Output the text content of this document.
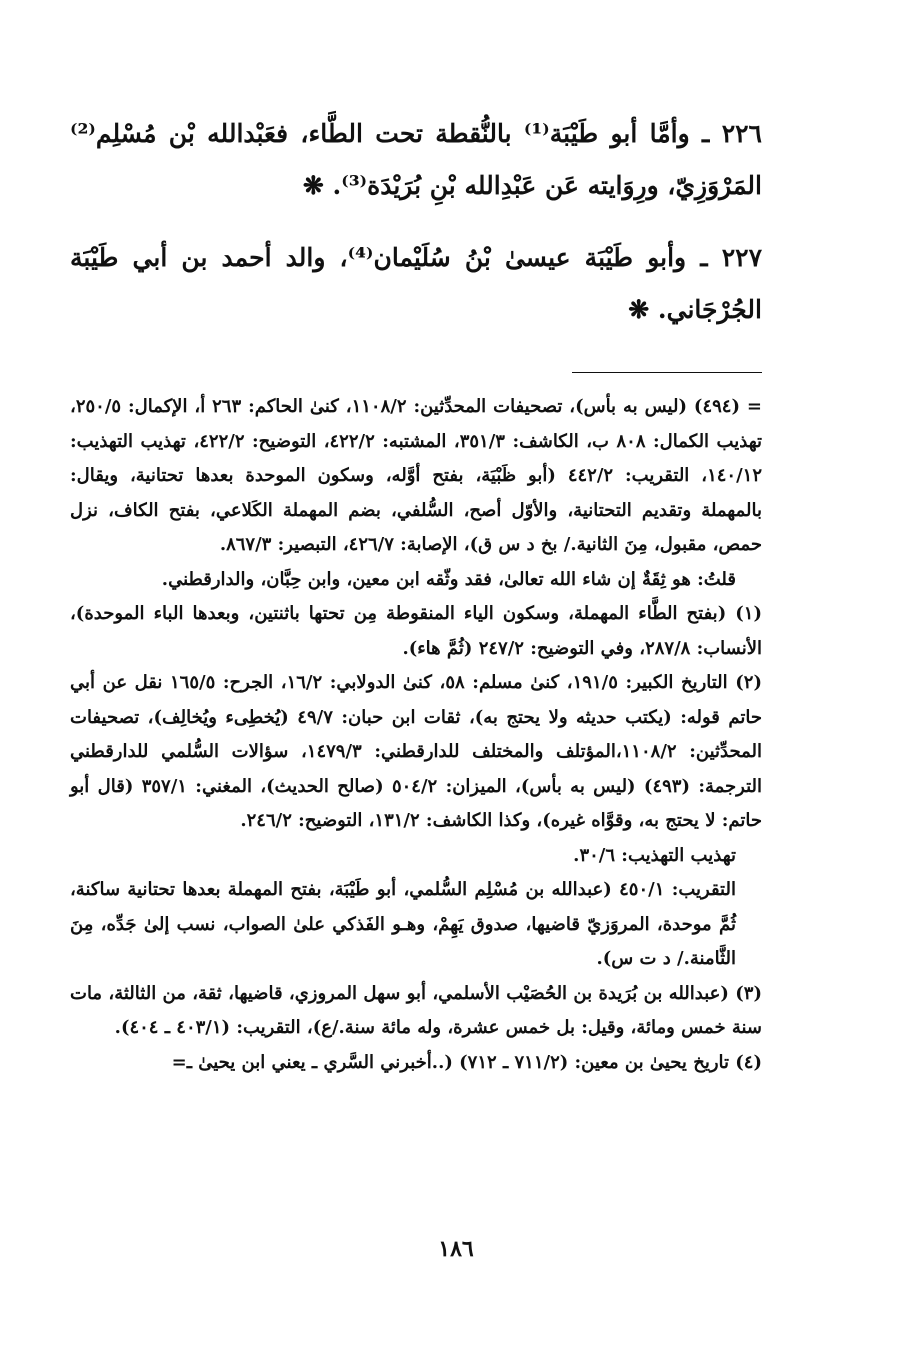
٢٢٦ ـ وأمَّا أبو طَيْبَة⁽¹⁾ بالنُّقطة تحت الطَّاء، فعَبْدالله بْن مُسْلِم⁽²⁾ المَرْوَزِيّ، ورِوَايته عَن عَبْدِالله بْنِ بُرَيْدَة⁽³⁾. ❋

٢٢٧ ـ وأبو طَيْبَة عيسىٰ بْنُ سُلَيْمان⁽⁴⁾، والد أحمد بن أبي طَيْبَة الجُرْجَاني. ❋

= (٤٩٤) (ليس به بأس)، تصحيفات المحدِّثين: ١١٠٨/٢، كنىٰ الحاكم: ٢٦٣ أ، الإكمال: ٢٥٠/٥، تهذيب الكمال: ٨٠٨ ب، الكاشف: ٣٥١/٣، المشتبه: ٤٢٢/٢، التوضيح: ٤٢٢/٢، تهذيب التهذيب: ١٤٠/١٢، التقريب: ٤٤٢/٢ (أبو ظَبْيَة، بفتح أوَّله، وسكون الموحدة بعدها تحتانية، ويقال: بالمهملة وتقديم التحتانية، والأوّل أصح، السُّلفي، بضم المهملة الكَلاعي، بفتح الكاف، نزل حمص، مقبول، مِنَ الثانية./ بخ د س ق)، الإصابة: ٤٢٦/٧، التبصير: ٨٦٧/٣.

قلتُ: هو ثِقَةٌ إن شاء الله تعالىٰ، فقد وثّقه ابن معين، وابن حِبَّان، والدارقطني.

(١) (بفتح الطَّاء المهملة، وسكون الياء المنقوطة مِن تحتها باثنتين، وبعدها الباء الموحدة)، الأنساب: ٢٨٧/٨، وفي التوضيح: ٢٤٧/٢ (ثُمَّ هاء).

(٢) التاريخ الكبير: ١٩١/٥، كنىٰ مسلم: ٥٨، كنىٰ الدولابي: ١٦/٢، الجرح: ١٦٥/٥ نقل عن أبي حاتم قوله: (يكتب حديثه ولا يحتج به)، ثقات ابن حبان: ٤٩/٧ (يُخطِىء ويُخالِف)، تصحيفات المحدِّثين: ١١٠٨/٢،المؤتلف والمختلف للدارقطني: ١٤٧٩/٣، سؤالات السُّلمي للدارقطني الترجمة: (٤٩٣) (ليس به بأس)، الميزان: ٥٠٤/٢ (صالح الحديث)، المغني: ٣٥٧/١ (قال أبو حاتم: لا يحتج به، وقوَّاه غيره)، وكذا الكاشف: ١٣١/٢، التوضيح: ٢٤٦/٢.

تهذيب التهذيب: ٣٠/٦.

التقريب: ٤٥٠/١ (عبدالله بن مُسْلِم السُّلمي، أبو طَيْبَة، بفتح المهملة بعدها تحتانية ساكنة، ثُمَّ موحدة، المروَزيّ قاضيها، صدوق يَهِمْ، وهـو الفَذكي علىٰ الصواب، نسب إلىٰ جَدِّه، مِنَ الثَّامنة./ د ت س).

(٣) (عبدالله بن بُرَيدة بن الحُصَيْب الأسلمي، أبو سهل المروزي، قاضيها، ثقة، من الثالثة، مات سنة خمس ومائة، وقيل: بل خمس عشرة، وله مائة سنة./ع)، التقريب: (٤٠٣/١ ـ ٤٠٤).

(٤) تاريخ يحيىٰ بن معين: (٧١١/٢ ـ ٧١٢) (..أخبرني السَّري ـ يعني ابن يحيىٰ ـ=

١٨٦
